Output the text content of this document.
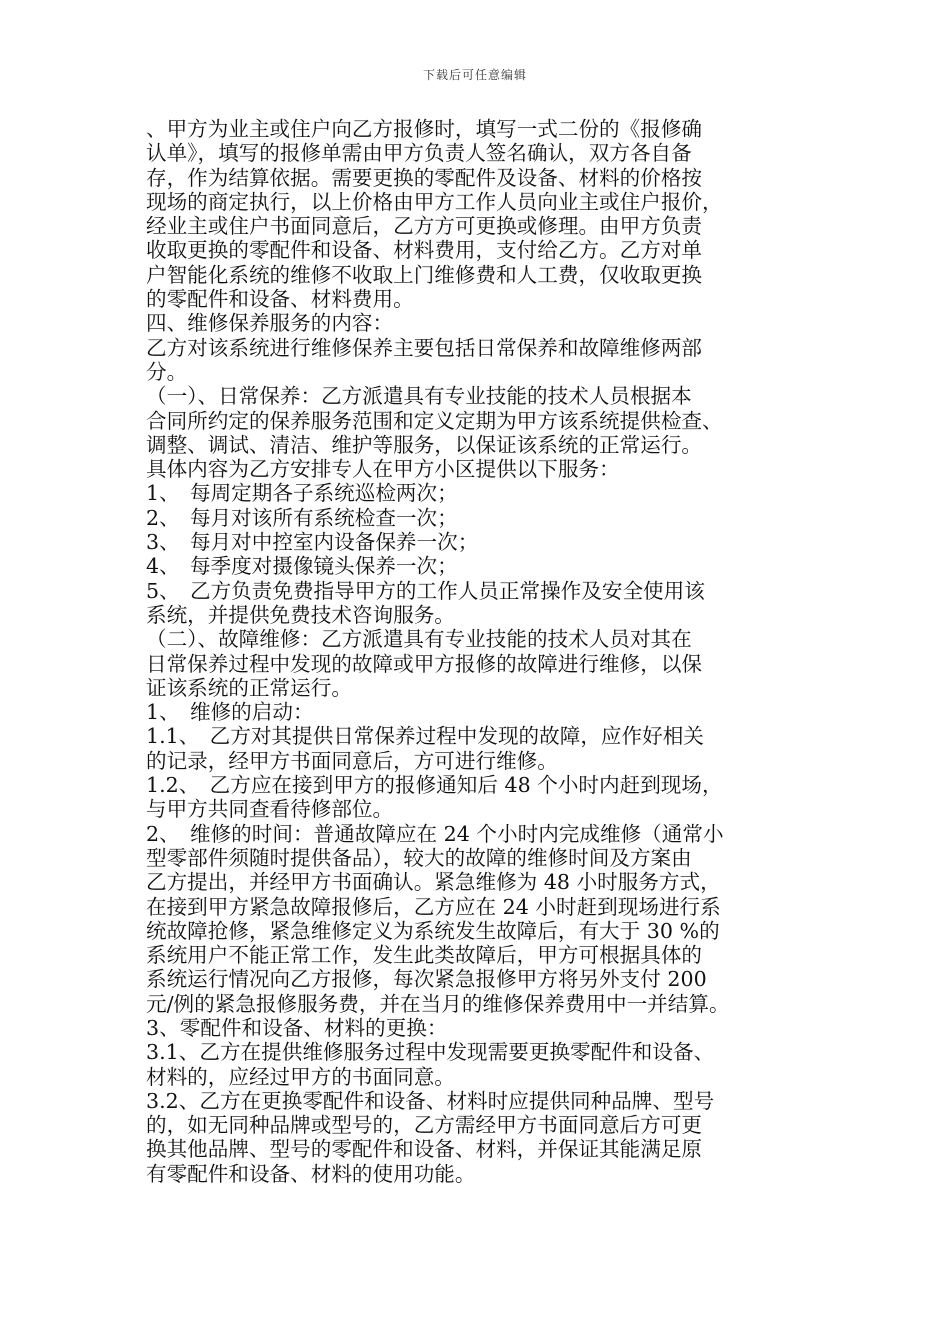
下载后可任意编辑
、甲方为业主或住户向乙方报修时，填写一式二份的《报修确
认单》，填写的报修单需由甲方负责人签名确认，双方各自备
存，作为结算依据。需要更换的零配件及设备、材料的价格按
现场的商定执行，以上价格由甲方工作人员向业主或住户报价，
经业主或住户书面同意后，乙方方可更换或修理。由甲方负责
收取更换的零配件和设备、材料费用，支付给乙方。乙方对单
户智能化系统的维修不收取上门维修费和人工费，仅收取更换
的零配件和设备、材料费用。
四、维修保养服务的内容：
乙方对该系统进行维修保养主要包括日常保养和故障维修两部
分。
（一）、日常保养：乙方派遣具有专业技能的技术人员根据本
合同所约定的保养服务范围和定义定期为甲方该系统提供检查、
调整、调试、清洁、维护等服务，以保证该系统的正常运行。
具体内容为乙方安排专人在甲方小区提供以下服务：
1、　每周定期各子系统巡检两次；
2、　每月对该所有系统检查一次；
3、　每月对中控室内设备保养一次；
4、　每季度对摄像镜头保养一次；
5、　乙方负责免费指导甲方的工作人员正常操作及安全使用该
系统，并提供免费技术咨询服务。
（二）、故障维修：乙方派遣具有专业技能的技术人员对其在
日常保养过程中发现的故障或甲方报修的故障进行维修，以保
证该系统的正常运行。
1、　维修的启动：
1.1、　乙方对其提供日常保养过程中发现的故障，应作好相关
的记录，经甲方书面同意后，方可进行维修。
1.2、　乙方应在接到甲方的报修通知后 48 个小时内赶到现场，
与甲方共同查看待修部位。
2、　维修的时间：普通故障应在 24 个小时内完成维修（通常小
型零部件须随时提供备品），较大的故障的维修时间及方案由
乙方提出，并经甲方书面确认。紧急维修为 48 小时服务方式，
在接到甲方紧急故障报修后，乙方应在 24 小时赶到现场进行系
统故障抢修，紧急维修定义为系统发生故障后，有大于 30 %的
系统用户不能正常工作，发生此类故障后，甲方可根据具体的
系统运行情况向乙方报修，每次紧急报修甲方将另外支付 200
元/例的紧急报修服务费，并在当月的维修保养费用中一并结算。
3、零配件和设备、材料的更换：
3.1、乙方在提供维修服务过程中发现需要更换零配件和设备、
材料的，应经过甲方的书面同意。
3.2、乙方在更换零配件和设备、材料时应提供同种品牌、型号
的，如无同种品牌或型号的，乙方需经甲方书面同意后方可更
换其他品牌、型号的零配件和设备、材料，并保证其能满足原
有零配件和设备、材料的使用功能。
